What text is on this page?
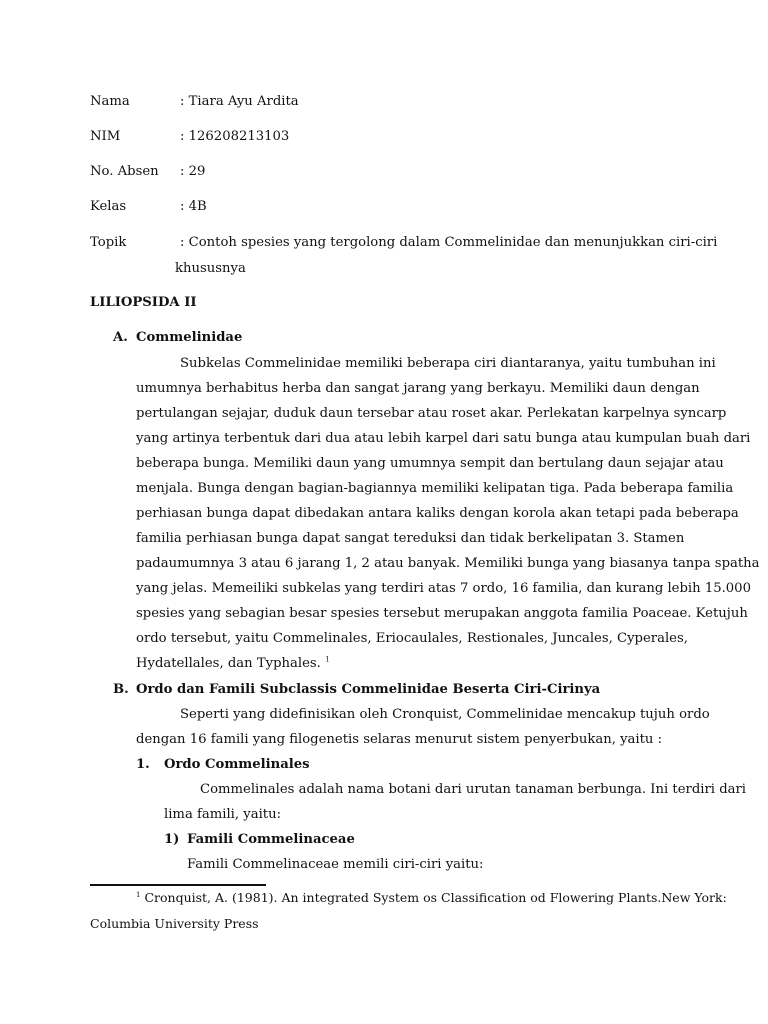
Nama	: Tiara Ayu Ardita
NIM	: 126208213103
No. Absen : 29
Kelas	: 4B
Topik	: Contoh spesies yang tergolong dalam Commelinidae dan menunjukkan ciri-ciri
khususnya
LILIOPSIDA II
A. Commelinidae
Subkelas Commelinidae memiliki beberapa ciri diantaranya, yaitu tumbuhan ini
umumnya berhabitus herba dan sangat jarang yang berkayu. Memiliki daun dengan
pertulangan sejajar, duduk daun tersebar atau roset akar. Perlekatan karpelnya syncarp
yang artinya terbentuk dari dua atau lebih karpel dari satu bunga atau kumpulan buah dari
beberapa bunga. Memiliki daun yang umumnya sempit dan bertulang daun sejajar atau
menjala. Bunga dengan bagian-bagiannya memiliki kelipatan tiga. Pada beberapa familia
perhiasan bunga dapat dibedakan antara kaliks dengan korola akan tetapi pada beberapa
familia perhiasan bunga dapat sangat tereduksi dan tidak berkelipatan 3. Stamen
padaumumnya 3 atau 6 jarang 1, 2 atau banyak. Memiliki bunga yang biasanya tanpa spatha
yang jelas. Memeiliki subkelas yang terdiri atas 7 ordo, 16 familia, dan kurang lebih 15.000
spesies yang sebagian besar spesies tersebut merupakan anggota familia Poaceae. Ketujuh
ordo tersebut, yaitu Commelinales, Eriocaulales, Restionales, Juncales, Cyperales,
Hydatellales, dan Typhales. $^1$
B. Ordo dan Famili Subclassis Commelinidae Beserta Ciri-Cirinya
Seperti yang didefinisikan oleh Cronquist, Commelinidae mencakup tujuh ordo
dengan 16 famili yang filogenetis selaras menurut sistem penyerbukan, yaitu :
1. Ordo Commelinales
Commelinales adalah nama botani dari urutan tanaman berbunga. Ini terdiri dari
lima famili, yaitu:
1) Famili Commelinaceae
Famili Commelinaceae memili ciri-ciri yaitu:
$^1$ Cronquist, A. (1981). An integrated System os Classification od Flowering Plants.New York:
Columbia University Press
